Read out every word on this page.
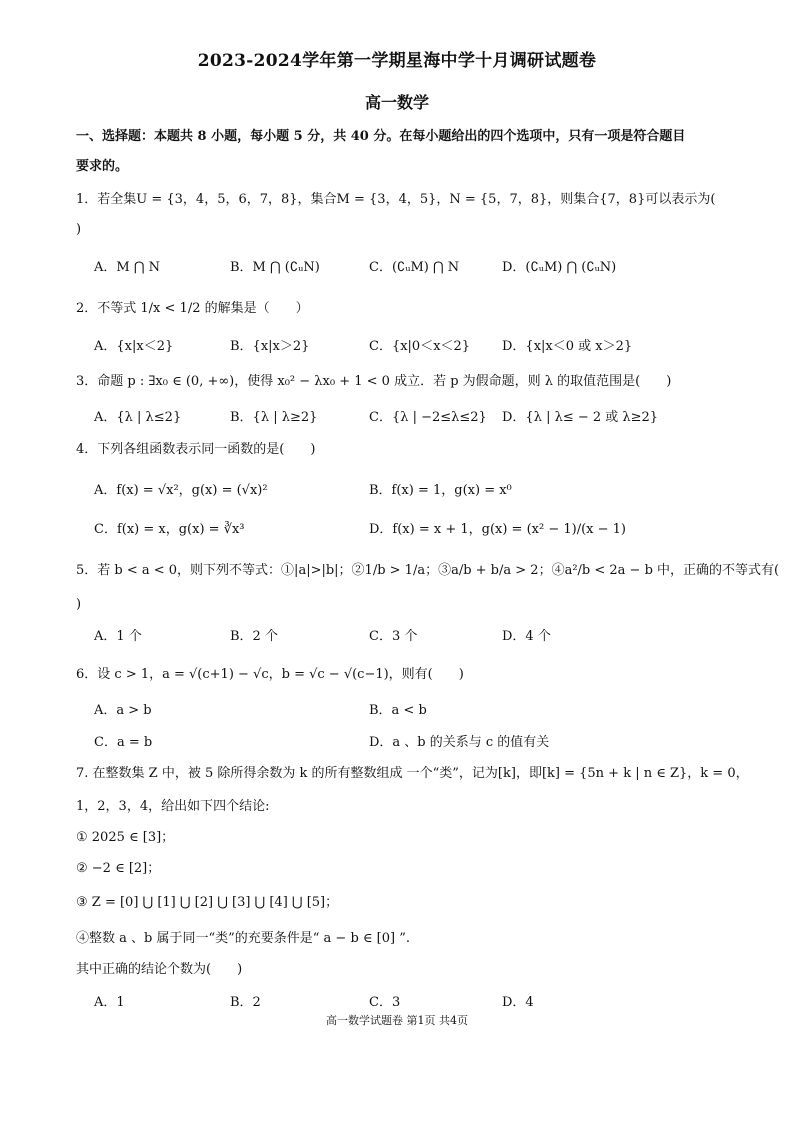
2023-2024学年第一学期星海中学十月调研试题卷
高一数学
一、选择题：本题共 8 小题，每小题 5 分，共 40 分。在每小题给出的四个选项中，只有一项是符合题目
要求的。
1．若全集U = {3，4，5，6，7，8}，集合M = {3，4，5}，N = {5，7，8}，则集合{7，8}可以表示为(
)
A．M ⋂ N	B．M ⋂ (∁ᵤN)	C．(∁ᵤM) ⋂ N	D．(∁ᵤM) ⋂ (∁ᵤN)
2．不等式 1/x < 1/2 的解集是（　　）
A．{x|x＜2}	B．{x|x＞2}	C．{x|0＜x＜2} D．{x|x＜0 或 x＞2}
3．命题 p : ∃x₀ ∈ (0, +∞)，使得 x₀² − λx₀ + 1 < 0 成立．若 p 为假命题，则 λ 的取值范围是(　　)
A．{λ | λ≤2}	B．{λ | λ≥2}	C．{λ | −2≤λ≤2} D．{λ | λ≤ − 2 或 λ≥2}
4．下列各组函数表示同一函数的是(　　)
A．f(x) = √x²，g(x) = (√x)²	B．f(x) = 1，g(x) = x⁰
C．f(x) = x，g(x) = ∛x³	D．f(x) = x + 1，g(x) = (x² − 1)/(x − 1)
5．若 b < a < 0，则下列不等式：①|a|>|b|；②1/b > 1/a；③a/b + b/a > 2；④a²/b < 2a − b 中，正确的不等式有(
)
A．1 个	B．2 个	C．3 个	D．4 个
6．设 c > 1，a = √(c+1) − √c，b = √c − √(c−1)，则有(　　)
A．a > b	B．a < b
C．a = b	D．a 、b 的关系与 c 的值有关
7. 在整数集 Z 中，被 5 除所得余数为 k 的所有整数组成 一个“类”，记为[k]，即[k] = {5n + k | n ∈ Z}，k = 0，
1，2，3，4，给出如下四个结论:
① 2025 ∈ [3]；
② −2 ∈ [2]；
③ Z = [0] ⋃ [1] ⋃ [2] ⋃ [3] ⋃ [4] ⋃ [5]；
④整数 a 、b 属于同一“类”的充要条件是“ a − b ∈ [0] ”.
其中正确的结论个数为(　　)
A．1	B．2	C．3	D．4
高一数学试题卷 第1页 共4页
